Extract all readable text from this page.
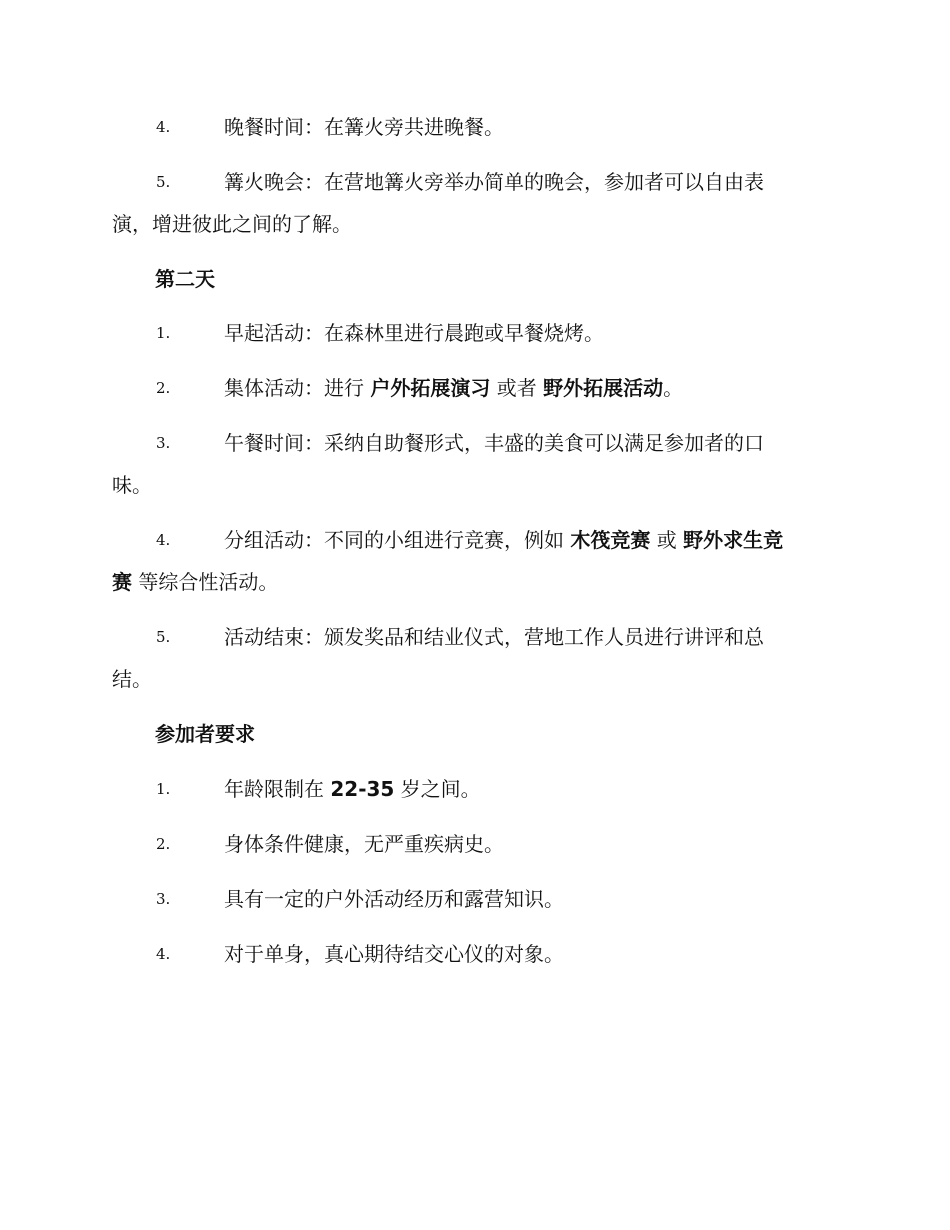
4.	晚餐时间：在篝火旁共进晚餐。
5.	篝火晚会：在营地篝火旁举办简单的晚会，参加者可以自由表
演，增进彼此之间的了解。
第二天
1.	早起活动：在森林里进行晨跑或早餐烧烤。
2.	集体活动：进行 户外拓展演习 或者 野外拓展活动。
3.	午餐时间：采纳自助餐形式，丰盛的美食可以满足参加者的口
味。
4.	分组活动：不同的小组进行竞赛，例如 木筏竞赛 或 野外求生竞
赛 等综合性活动。
5.	活动结束：颁发奖品和结业仪式，营地工作人员进行讲评和总
结。
参加者要求
1.	年龄限制在 22-35 岁之间。
2.	身体条件健康，无严重疾病史。
3.	具有一定的户外活动经历和露营知识。
4.	对于单身，真心期待结交心仪的对象。
